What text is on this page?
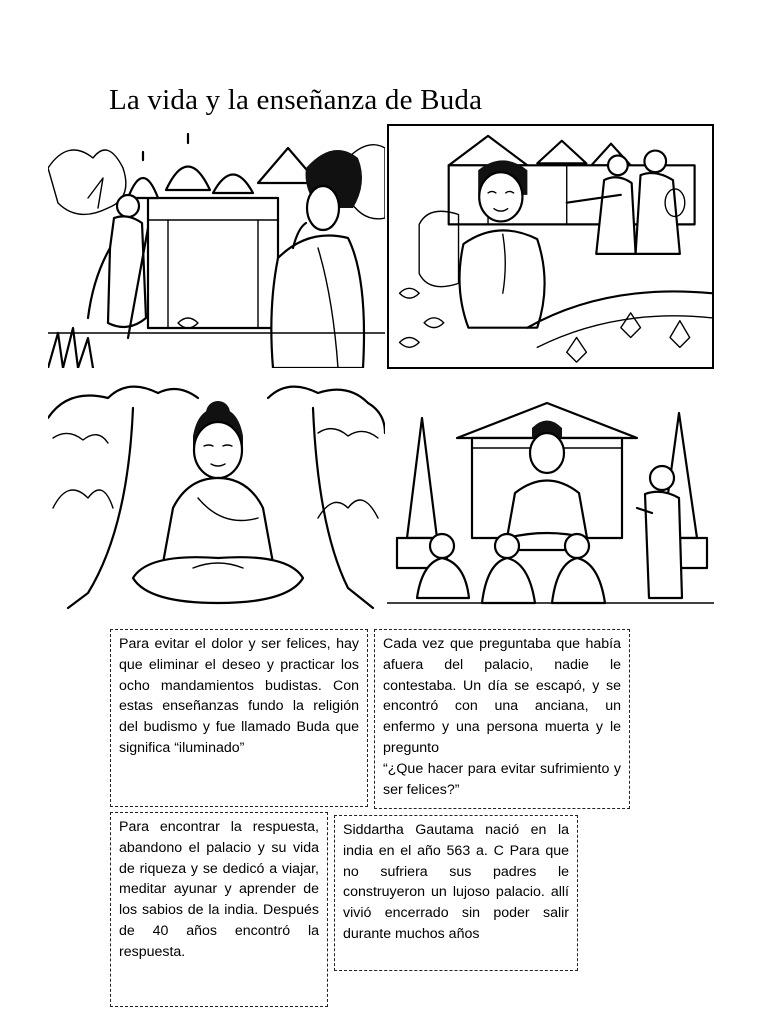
La vida y la enseñanza de Buda

Para evitar el dolor y ser felices, hay que eliminar el deseo y practicar los ocho mandamientos budistas. Con estas enseñanzas fundo la religión del budismo y fue llamado Buda que significa “iluminado”

Cada vez que preguntaba que había afuera del palacio, nadie le contestaba. Un día se escapó, y se encontró con una anciana, un enfermo y una persona muerta y le pregunto

“¿Que hacer para evitar sufrimiento y ser felices?”

Para encontrar la respuesta, abandono el palacio y su vida de riqueza y se dedicó a viajar, meditar ayunar y aprender de los sabios de la india. Después de 40 años encontró la respuesta.

Siddartha Gautama nació en la india en el año 563 a. C Para que no sufriera sus padres le construyeron un lujoso palacio. allí vivió encerrado sin poder salir durante muchos años
